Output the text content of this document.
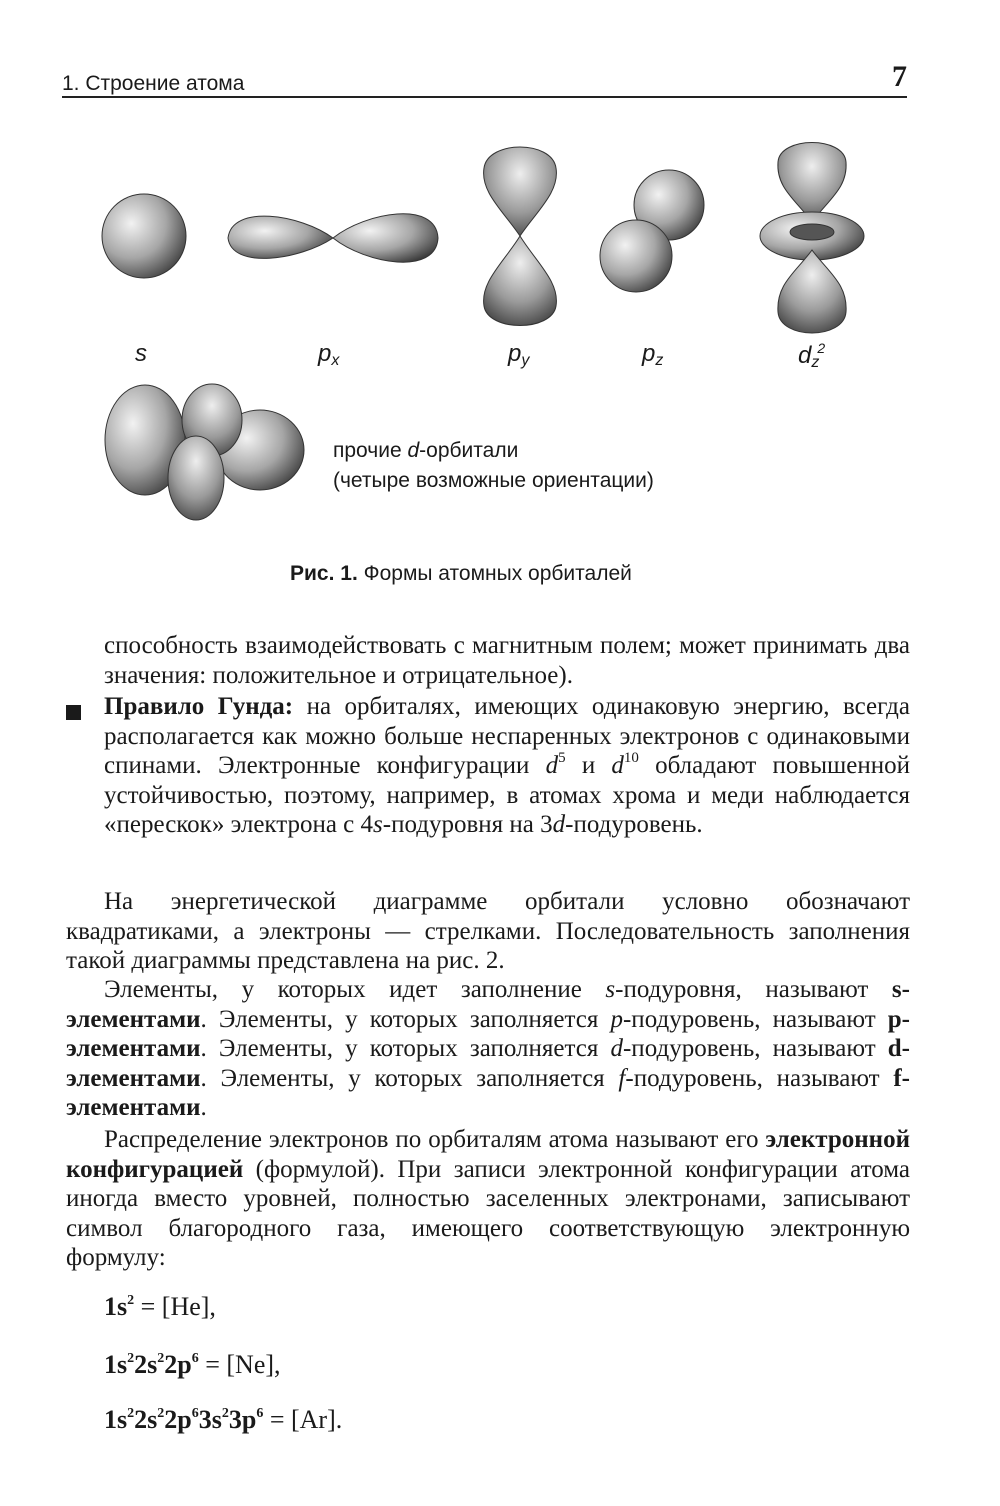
1. Строение атома	7
s	$p_x$	$p_y$	$p_z$	$d_z^2$
прочие d-орбитали
(четыре возможные ориентации)
Рис. 1. Формы атомных орбиталей
способность взаимодействовать с магнитным полем; может принимать два значения: положительное и отрицательное).
Правило Гунда: на орбиталях, имеющих одинаковую энергию, всегда располагается как можно больше неспаренных электронов с одинаковыми спинами. Электронные конфигурации $d^5$ и $d^{10}$ обладают повышенной устойчивостью, поэтому, например, в атомах хрома и меди наблюдается «перескок» электрона с 4s-подуровня на 3d-подуровень.
На энергетической диаграмме орбитали условно обозначают квадратиками, а электроны — стрелками. Последовательность заполнения такой диаграммы представлена на рис. 2.
Элементы, у которых идет заполнение s-подуровня, называют s-элементами. Элементы, у которых заполняется p-подуровень, называют p-элементами. Элементы, у которых заполняется d-подуровень, называют d-элементами. Элементы, у которых заполняется f-подуровень, называют f-элементами.
Распределение электронов по орбиталям атома называют его электронной конфигурацией (формулой). При записи электронной конфигурации атома иногда вместо уровней, полностью заселенных электронами, записывают символ благородного газа, имеющего соответствующую электронную формулу:
$1s^2 = [He]$,
$1s^22s^22p^6 = [Ne]$,
$1s^22s^22p^63s^23p^6 = [Ar]$.
